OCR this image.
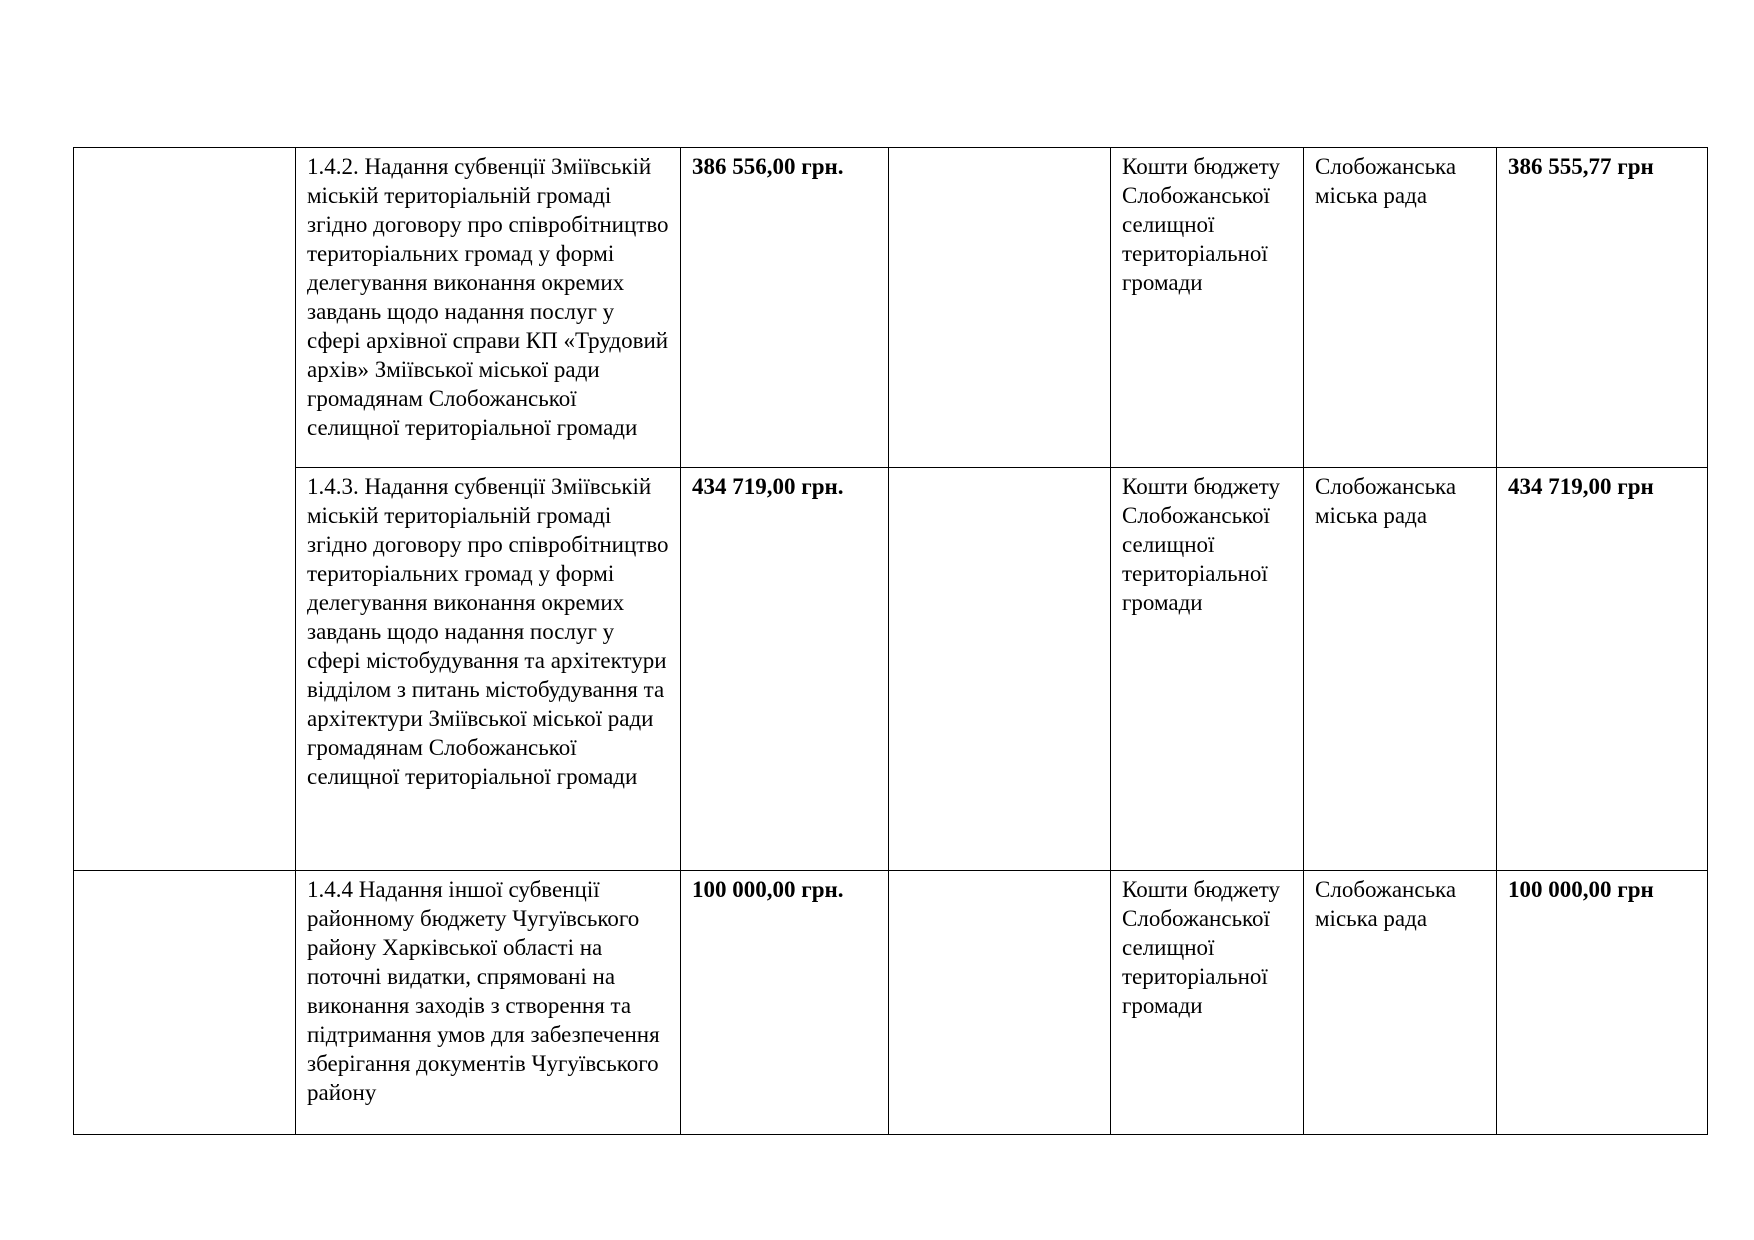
	1.4.2. Надання субвенції Зміївській міській територіальній громаді згідно договору про співробітництво територіальних громад у формі делегування виконання окремих завдань щодо надання послуг у сфері архівної справи КП «Трудовий архів» Зміївської міської ради громадянам Слобожанської селищної територіальної громади	386 556,00 грн.		Кошти бюджету Слобожанської селищної територіальної громади	Слобожанська міська рада	386 555,77 грн
	1.4.3. Надання субвенції Зміївській міській територіальній громаді згідно договору про співробітництво територіальних громад у формі делегування виконання окремих завдань щодо надання послуг у сфері містобудування та архітектури відділом з питань містобудування та архітектури Зміївської міської ради громадянам Слобожанської селищної територіальної громади	434 719,00 грн.		Кошти бюджету Слобожанської селищної територіальної громади	Слобожанська міська рада	434 719,00 грн
	1.4.4 Надання іншої субвенції районному бюджету Чугуївського району Харківської області на поточні видатки, спрямовані на виконання заходів з створення та підтримання умов для забезпечення зберігання документів Чугуївського району	100 000,00 грн.		Кошти бюджету Слобожанської селищної територіальної громади	Слобожанська міська рада	100 000,00 грн
